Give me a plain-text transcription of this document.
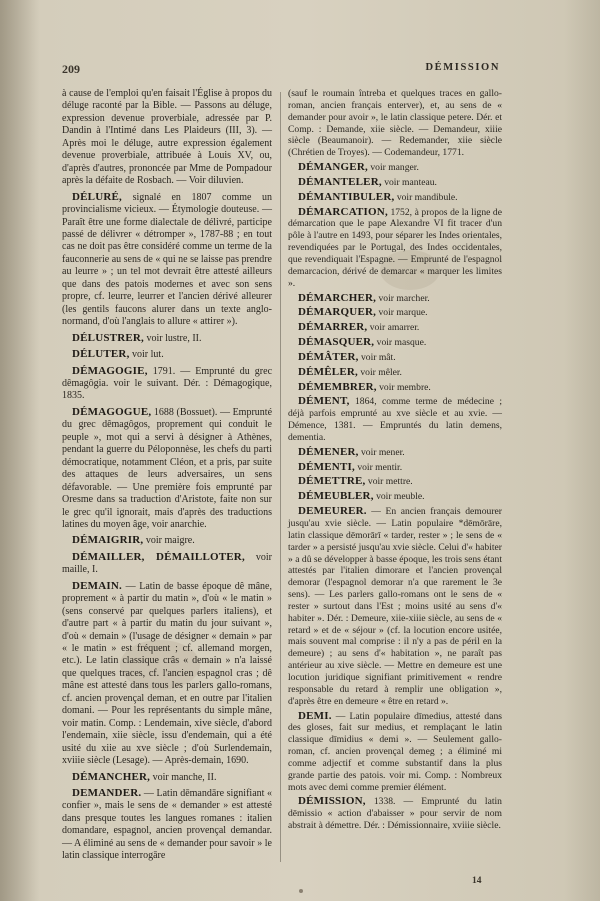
209	DÉMISSION

à cause de l'emploi qu'en faisait l'Église à propos du déluge raconté par la Bible. — Passons au déluge, expression devenue proverbiale, adressée par P. Dandin à l'Intimé dans Les Plaideurs (III, 3). — Après moi le déluge, autre expression également devenue proverbiale, attribuée à Louis XV, ou, d'après d'autres, prononcée par Mme de Pompadour après la défaite de Rosbach. — Voir diluvien.

DÉLURÉ, signalé en 1807 comme un provincialisme vicieux. — Étymologie douteuse. — Paraît être une forme dialectale de délivré, participe passé de délivrer « détromper », 1787-88 ; en tout cas ne doit pas être considéré comme un terme de la fauconnerie au sens de « qui ne se laisse pas prendre au leurre » ; un tel mot devrait être attesté ailleurs que dans des patois modernes et avec son sens propre, cf. leurre, leurrer et l'ancien dérivé alleurer (les gentils faucons alurer dans un texte anglo-normand, d'où l'anglais to allure « attirer »).

DÉLUSTRER, voir lustre, II.

DÉLUTER, voir lut.

DÉMAGOGIE, 1791. — Emprunté du grec dêmagôgia. voir le suivant. Dér. : Démagogique, 1835.

DÉMAGOGUE, 1688 (Bossuet). — Emprunté du grec dêmagôgos, proprement qui conduit le peuple », mot qui a servi à désigner à Athènes, pendant la guerre du Péloponnèse, les chefs du parti démocratique, notamment Cléon, et a pris, par suite des attaques de leurs adversaires, un sens défavorable. — Une première fois emprunté par Oresme dans sa traduction d'Aristote, faite non sur le grec qu'il ignorait, mais d'après des traductions latines du moyen âge, voir anarchie.

DÉMAIGRIR, voir maigre.

DÉMAILLER, DÉMAILLOTER, voir maille, I.

DEMAIN. — Latin de basse époque dê mâne, proprement « à partir du matin », d'où « le matin » (sens conservé par quelques parlers italiens), et d'autre part « à partir du matin du jour suivant », d'où « demain » (l'usage de désigner « demain » par « le matin » est fréquent ; cf. allemand morgen, etc.). Le latin classique crâs « demain » n'a laissé que quelques traces, cf. l'ancien espagnol cras ; dê mâne est attesté dans tous les parlers gallo-romans, cf. ancien provençal deman, et en outre par l'italien domani. — Pour les représentants du simple mâne, voir matin. Comp. : Lendemain, xive siècle, d'abord l'endemain, xiie siècle, issu d'endemain, qui a été usité du xiie au xve siècle ; d'où Surlendemain, xviiie siècle (Lesage). — Après-demain, 1690.

DÉMANCHER, voir manche, II.

DEMANDER. — Latin dēmandāre signifiant « confier », mais le sens de « demander » est attesté dans presque toutes les langues romanes : italien domandare, espagnol, ancien provençal demandar. — A éliminé au sens de « demander pour savoir » le latin classique interrogāre

(sauf le roumain întreba et quelques traces en gallo-roman, ancien français enterver), et, au sens de « demander pour avoir », le latin classique petere. Dér. et Comp. : Demande, xiie siècle. — Demandeur, xiiie siècle (Beaumanoir). — Redemander, xiie siècle (Chrétien de Troyes). — Codemandeur, 1771.

DÉMANGER, voir manger.

DÉMANTELER, voir manteau.

DÉMANTIBULER, voir mandibule.

DÉMARCATION, 1752, à propos de la ligne de démarcation que le pape Alexandre VI fit tracer d'un pôle à l'autre en 1493, pour séparer les Indes orientales, revendiquées par le Portugal, des Indes occidentales, que revendiquait l'Espagne. — Emprunté de l'espagnol demarcacion, dérivé de demarcar « marquer les limites ».

DÉMARCHER, voir marcher.

DÉMARQUER, voir marque.

DÉMARRER, voir amarrer.

DÉMASQUER, voir masque.

DÉMÂTER, voir mât.

DÉMÊLER, voir mêler.

DÉMEMBRER, voir membre.

DÉMENT, 1864, comme terme de médecine ; déjà parfois emprunté au xve siècle et au xvie. — Démence, 1381. — Empruntés du latin demens, dementia.

DÉMENER, voir mener.

DÉMENTI, voir mentir.

DÉMETTRE, voir mettre.

DÉMEUBLER, voir meuble.

DEMEURER. — En ancien français demourer jusqu'au xvie siècle. — Latin populaire *dēmōrāre, latin classique dēmorārī « tarder, rester » ; le sens de « tarder » a persisté jusqu'au xvie siècle. Celui d'« habiter » a dû se développer à basse époque, les trois sens étant attestés par l'italien dimorare et l'ancien provençal demorar (l'espagnol demorar n'a que rarement le 3e sens). — Les parlers gallo-romans ont le sens de « rester » surtout dans l'Est ; moins usité au sens d'« habiter ». Dér. : Demeure, xiie-xiiie siècle, au sens de « retard » et de « séjour » (cf. la locution encore usitée, mais souvent mal comprise : il n'y a pas de péril en la demeure) ; au sens d'« habitation », ne paraît pas antérieur au xive siècle. — Mettre en demeure est une locution juridique signifiant primitivement « rendre responsable du retard à remplir une obligation », d'après être en demeure « être en retard ».

DEMI. — Latin populaire dīmedius, attesté dans des gloses, fait sur medius, et remplaçant le latin classique dīmidius « demi ». — Seulement gallo-roman, cf. ancien provençal demeg ; a éliminé mi comme adjectif et comme substantif dans la plus grande partie des patois. voir mi. Comp. : Nombreux mots avec demi comme premier élément.

DÉMISSION, 1338. — Emprunté du latin dēmissio « action d'abaisser » pour servir de nom abstrait à démettre. Dér. : Démissionnaire, xviiie siècle.

14
